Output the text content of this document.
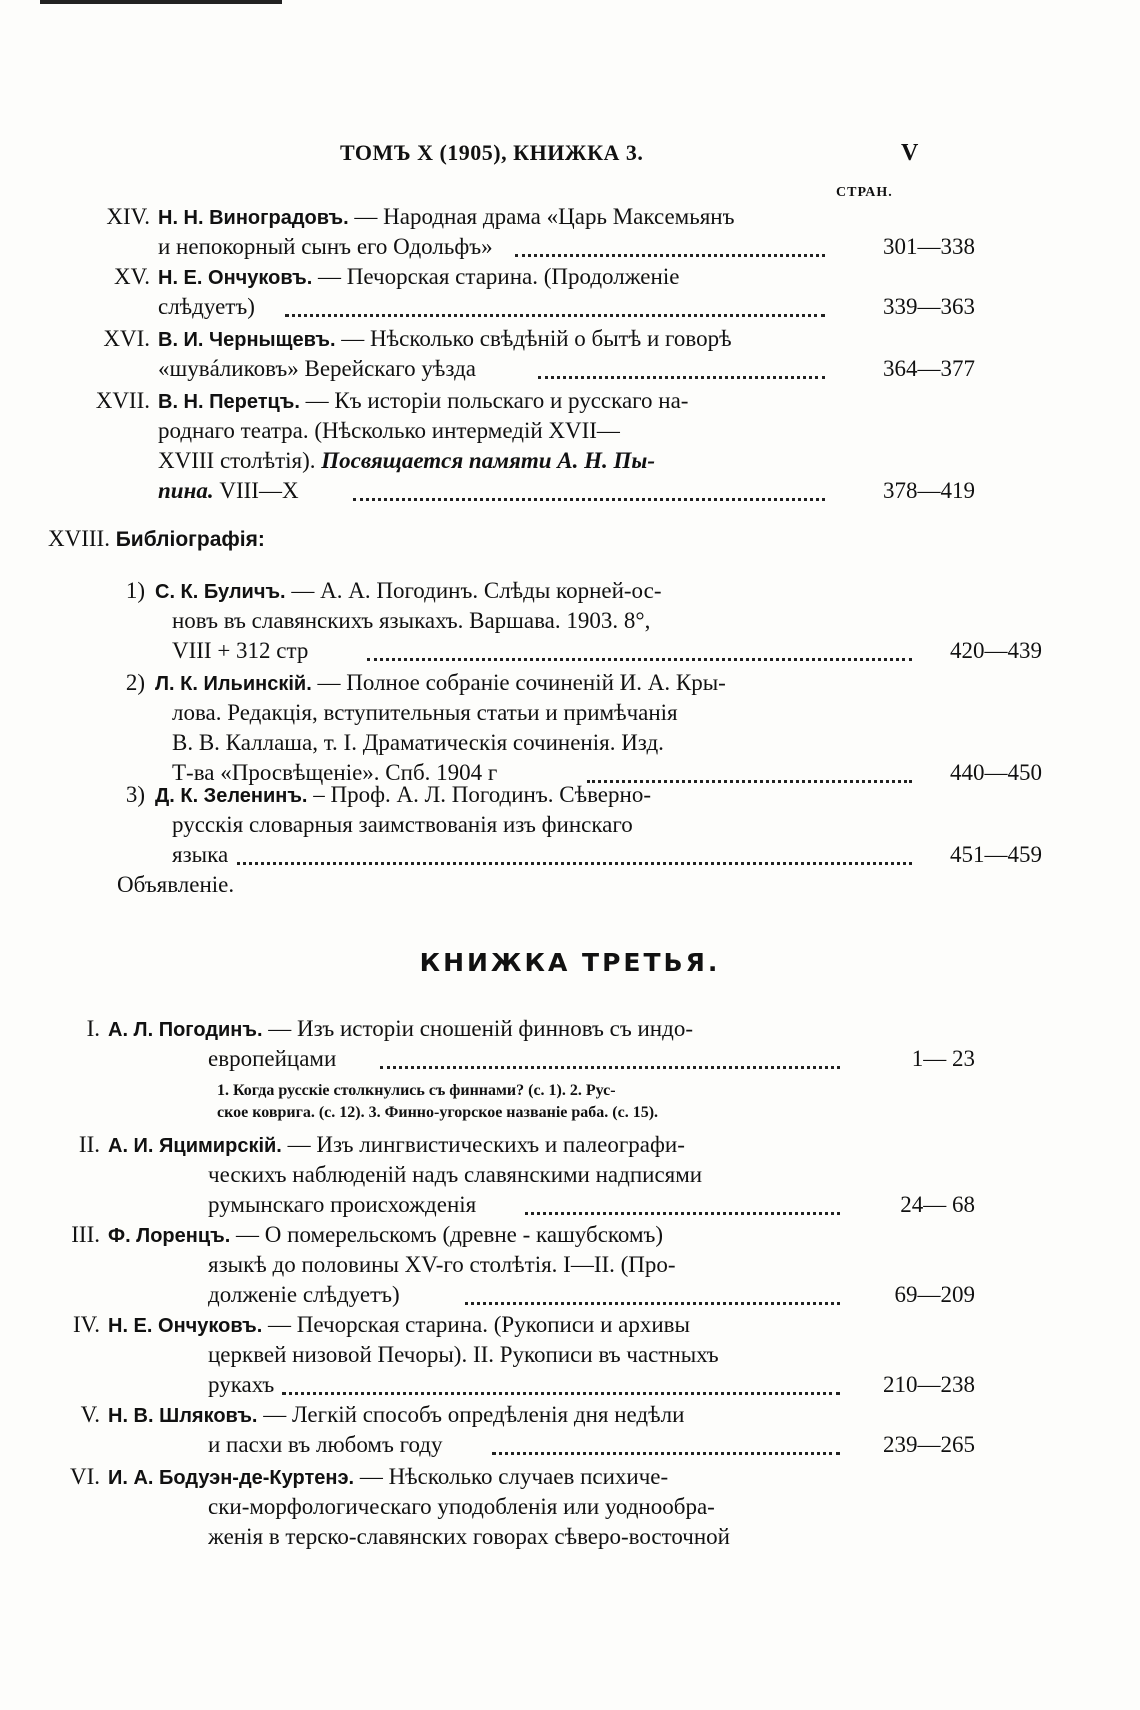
ТОМЪ X (1905), КНИЖКА 3.	V
СТРАН.
XIV. Н. Н. Виноградовъ. — Народная драма «Царь Максемьянъ
и непокорный сынъ его Одольфъ»	301—338
XV. Н. Е. Ончуковъ. — Печорская старина. (Продолженіе
слѣдуетъ)	339—363
XVI. В. И. Черныщевъ. — Нѣсколько свѣдѣній о бытѣ и говорѣ
«шувáликовъ» Верейскаго уѣзда	364—377
XVII. В. Н. Перетцъ. — Къ исторіи польскаго и русскаго на-
роднаго театра. (Нѣсколько интермедій XVII—
XVIII столѣтія). Посвящается памяти А. Н. Пы-
пина. VIII—X	378—419
XVIII. Библіографія:
1) С. К. Буличъ. — А. А. Погодинъ. Слѣды корней-ос-
новъ въ славянскихъ языкахъ. Варшава. 1903. 8°,
VIII + 312 стр	420—439
2) Л. К. Ильинскій. — Полное собраніе сочиненій И. А. Кры-
лова. Редакція, вступительныя статьи и примѣчанія
В. В. Каллаша, т. I. Драматическія сочиненія. Изд.
Т-ва «Просвѣщеніе». Спб. 1904 г	440—450
3) Д. К. Зеленинъ. – Проф. А. Л. Погодинъ. Сѣверно-
русскія словарныя заимствованія изъ финскаго
языка	451—459
Объявленіе.
КНИЖКА ТРЕТЬЯ.
I. А. Л. Погодинъ. — Изъ исторіи сношеній финновъ съ индо-
европейцами	1— 23
1. Когда русскіе столкнулись съ финнами? (с. 1). 2. Рус-
ское коврига. (с. 12). 3. Финно-угорское названіе раба. (с. 15).
II. А. И. Яцимирскій. — Изъ лингвистическихъ и палеографи-
ческихъ наблюденій надъ славянскими надписями
румынскаго происхожденія	24— 68
III. Ф. Лоренцъ. — О померельскомъ (древне - кашубскомъ)
языкѣ до половины XV-го столѣтія. I—II. (Про-
долженіе слѣдуетъ)	69—209
IV. Н. Е. Ончуковъ. — Печорская старина. (Рукописи и архивы
церквей низовой Печоры). II. Рукописи въ частныхъ
рукахъ	210—238
V. Н. В. Шляковъ. — Легкій способъ опредѣленія дня недѣли
и пасхи въ любомъ году	239—265
VI. И. А. Бодуэн-де-Куртенэ. — Нѣсколько случаев психиче-
ски-морфологическаго уподобленія или уоднообра-
женія в терско-славянских говорах сѣверо-восточной
